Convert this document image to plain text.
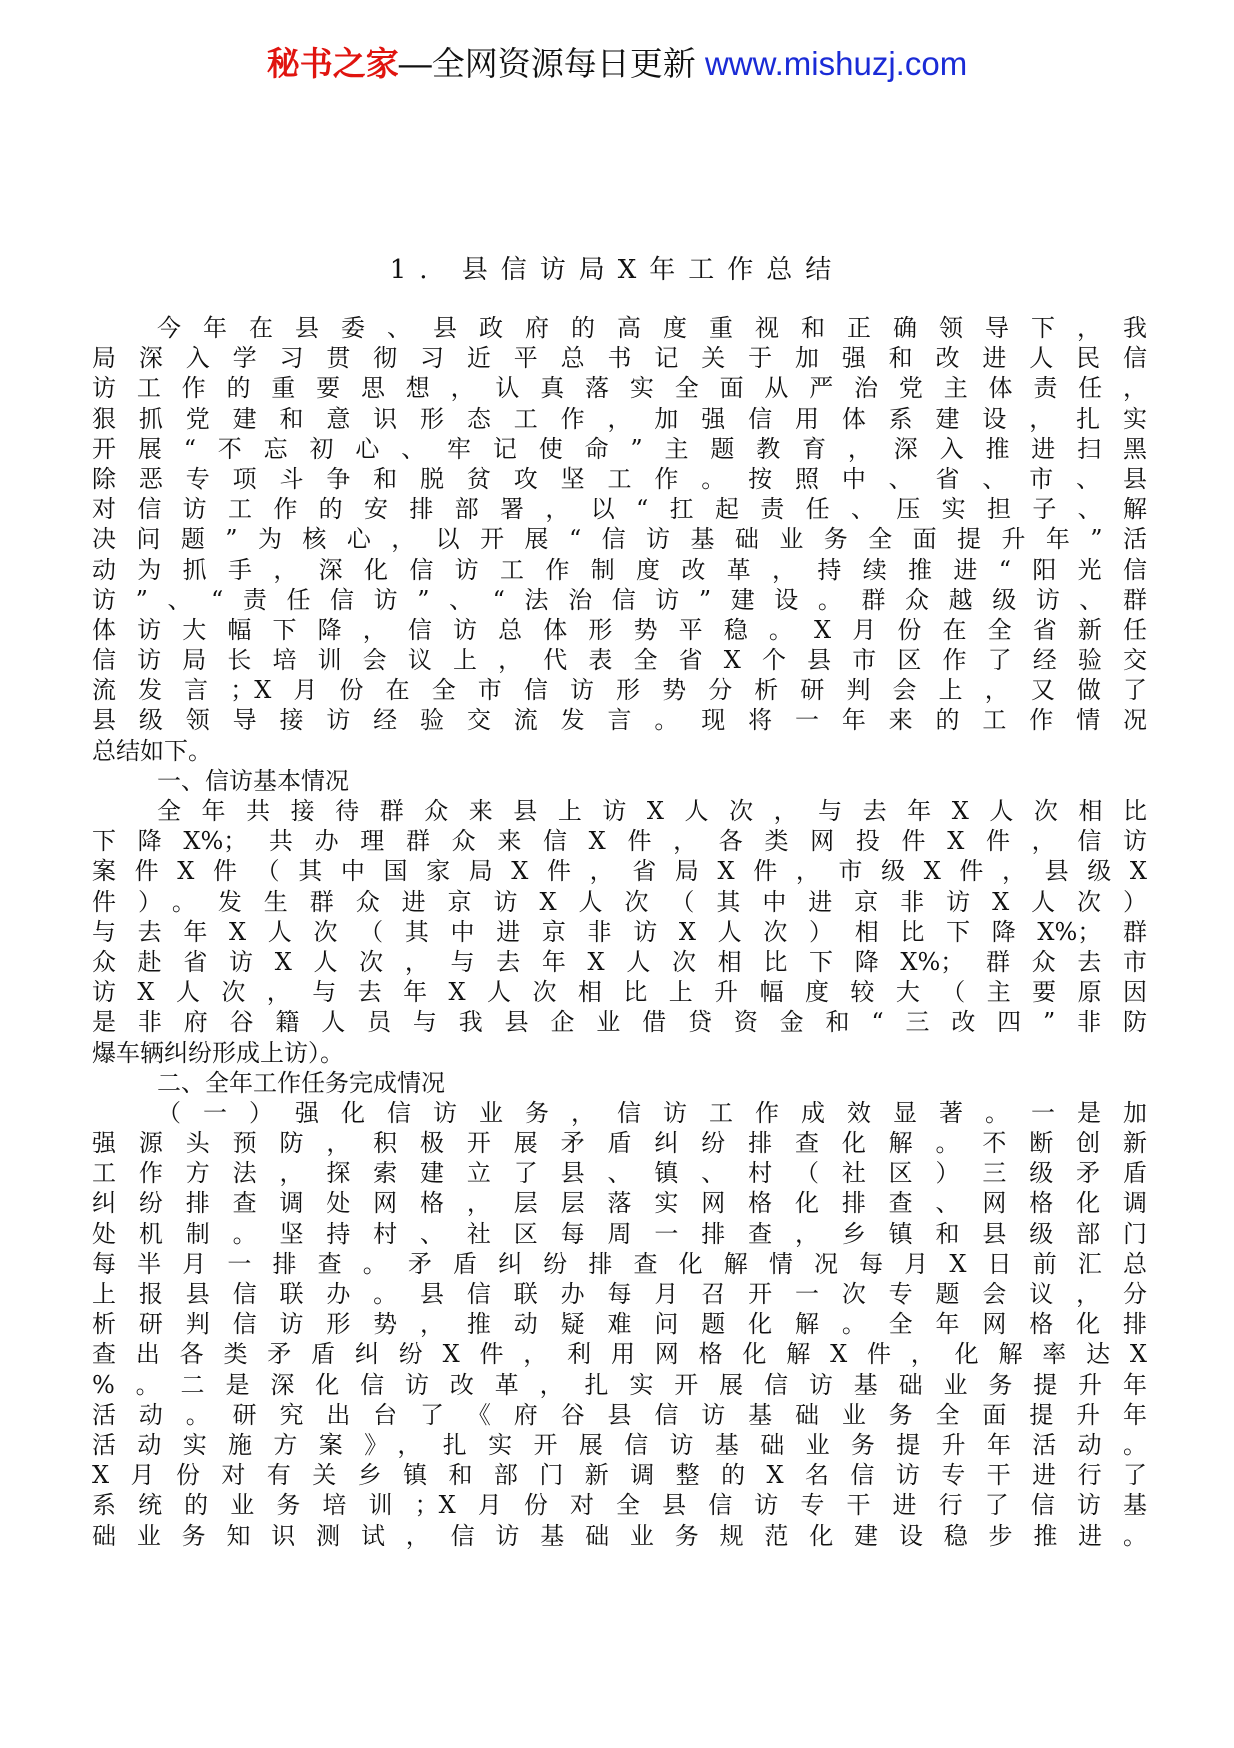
秘书之家—全网资源每日更新 www.mishuzj.com
1. 县信访局X年工作总结
今年在县委、县政府的高度重视和正确领导下，我
局深入学习贯彻习近平总书记关于加强和改进人民信
访工作的重要思想，认真落实全面从严治党主体责任，
狠抓党建和意识形态工作，加强信用体系建设，扎实
开展“不忘初心、牢记使命”主题教育，深入推进扫黑
除恶专项斗争和脱贫攻坚工作。按照中、省、市、县
对信访工作的安排部署，以“扛起责任、压实担子、解
决问题”为核心，以开展“信访基础业务全面提升年”活
动为抓手，深化信访工作制度改革，持续推进“阳光信
访”、“责任信访”、“法治信访”建设。群众越级访、群
体访大幅下降，信访总体形势平稳。X月份在全省新任
信访局长培训会议上，代表全省X个县市区作了经验交
流发言；X月份在全市信访形势分析研判会上，又做了
县级领导接访经验交流发言。现将一年来的工作情况
总结如下。
一、信访基本情况
全年共接待群众来县上访X人次，与去年X人次相比
下降X%；共办理群众来信X件，各类网投件X件，信访
案件X件（其中国家局X件，省局X件，市级X件，县级X
件）。发生群众进京访X人次（其中进京非访X人次）
与去年X人次（其中进京非访X人次）相比下降X%；群
众赴省访X人次，与去年X人次相比下降X%；群众去市
访X人次，与去年X人次相比上升幅度较大（主要原因
是非府谷籍人员与我县企业借贷资金和“三改四”非防
爆车辆纠纷形成上访）。
二、全年工作任务完成情况
（一）强化信访业务，信访工作成效显著。一是加
强源头预防，积极开展矛盾纠纷排查化解。不断创新
工作方法，探索建立了县、镇、村（社区）三级矛盾
纠纷排查调处网格，层层落实网格化排查、网格化调
处机制。坚持村、社区每周一排查，乡镇和县级部门
每半月一排查。矛盾纠纷排查化解情况每月X日前汇总
上报县信联办。县信联办每月召开一次专题会议，分
析研判信访形势，推动疑难问题化解。全年网格化排
查出各类矛盾纠纷X件，利用网格化解X件，化解率达X
%。二是深化信访改革，扎实开展信访基础业务提升年
活动。研究出台了《府谷县信访基础业务全面提升年
活动实施方案》，扎实开展信访基础业务提升年活动。
X月份对有关乡镇和部门新调整的X名信访专干进行了
系统的业务培训；X月份对全县信访专干进行了信访基
础业务知识测试，信访基础业务规范化建设稳步推进。
